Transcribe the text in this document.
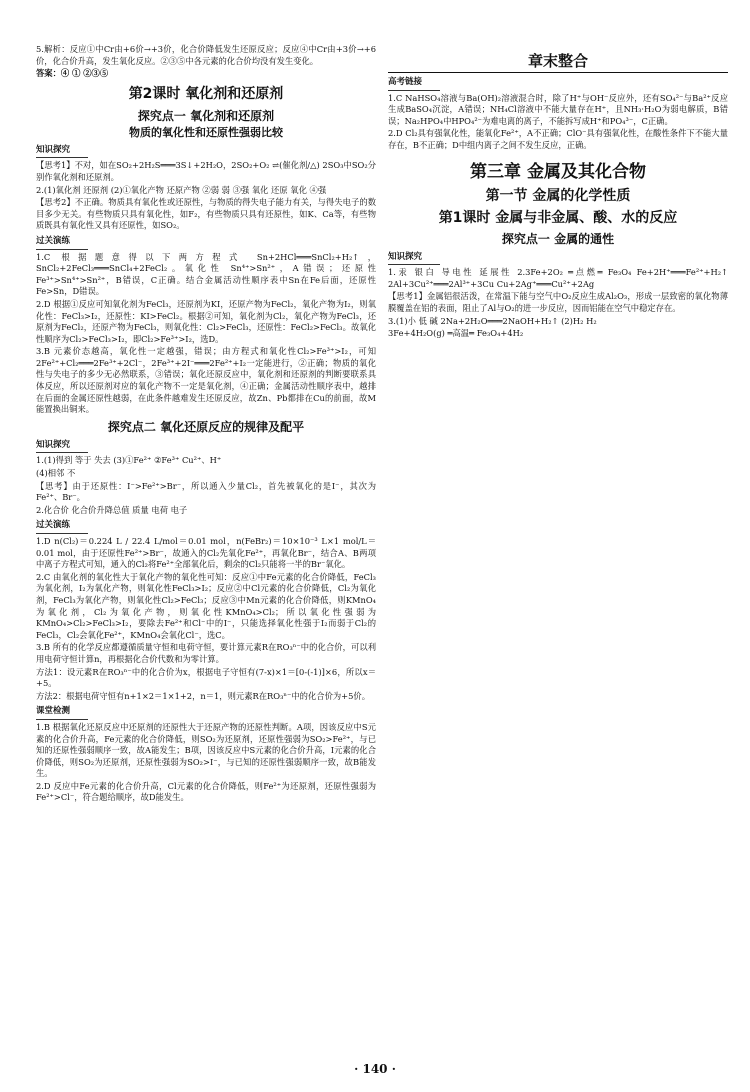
5.解析：反应①中Cr由+6价→+3价，化合价降低发生还原反应；反应④中Cr由+3价→+6价，化合价升高，发生氧化反应。②③⑤中各元素的化合价均没有发生变化。

答案：④ ① ②③⑤

第2课时 氧化剂和还原剂
探究点一 氧化剂和还原剂
物质的氧化性和还原性强弱比较
知识探究

【思考1】不对，如在SO₂+2H₂S═══3S↓+2H₂O，2SO₂+O₂ ⇌(催化剂/△) 2SO₃中SO₂分别作氧化剂和还原剂。

2.(1)氧化剂 还原剂 (2)①氧化产物 还原产物 ②弱 弱 ③强 氧化 还原 氧化 ④强

【思考2】不正确。物质具有氧化性或还原性，与物质的得失电子能力有关，与得失电子的数目多少无关。有些物质只具有氧化性，如F₂，有些物质只具有还原性，如K、Ca等，有些物质既具有氧化性又具有还原性，如SO₂。

过关演练

1.C 根据题意得以下两方程式 Sn+2HCl═══SnCl₂+H₂↑，SnCl₂+2FeCl₃═══SnCl₄+2FeCl₂。氧化性 Sn⁴⁺>Sn²⁺，A错误；还原性 Fe³⁺>Sn⁴⁺>Sn²⁺，B错误，C正确。结合金属活动性顺序表中Sn在Fe后面，还原性Fe>Sn，D错误。

2.D 根据①反应可知氧化剂为FeCl₃，还原剂为KI，还原产物为FeCl₂，氧化产物为I₂，则氧化性：FeCl₃>I₂，还原性：KI>FeCl₂。根据②可知，氧化剂为Cl₂，氧化产物为FeCl₃，还原剂为FeCl₂，还原产物为FeCl₃，则氧化性：Cl₂>FeCl₃，还原性：FeCl₂>FeCl₃。故氧化性顺序为Cl₂>FeCl₃>I₂，即Cl₂>Fe³⁺>I₂，选D。

3.B 元素价态越高，氧化性一定越强，错误；由方程式和氧化性Cl₂>Fe³⁺>I₂，可知2Fe²⁺+Cl₂═══2Fe³⁺+2Cl⁻，2Fe³⁺+2I⁻═══2Fe²⁺+I₂一定能进行，②正确；物质的氧化性与失电子的多少无必然联系，③错误；氧化还原反应中，氧化剂和还原剂的判断要联系具体反应，所以还原剂对应的氧化产物不一定是氧化剂，④正确；金属活动性顺序表中，越排在后面的金属还原性越弱，在此条件越难发生还原反应，故Zn、Pb都排在Cu的前面，故M能置换出铜来。

探究点二 氧化还原反应的规律及配平
知识探究

1.(1)得到 等于 失去 (3)①Fe²⁺ ②Fe³⁺ Cu²⁺、H⁺

(4)相邻 不

【思考】由于还原性：I⁻>Fe²⁺>Br⁻，所以通入少量Cl₂，首先被氧化的是I⁻，其次为Fe²⁺、Br⁻。

2.化合价 化合价升降总值 质量 电荷 电子

过关演练

1.D n(Cl₂)＝0.224 L / 22.4 L/mol＝0.01 mol，n(FeBr₂)＝10×10⁻³ L×1 mol/L＝0.01 mol，由于还原性Fe²⁺>Br⁻，故通入的Cl₂先氧化Fe²⁺，再氧化Br⁻，结合A、B两项中离子方程式可知，通入的Cl₂将Fe²⁺全部氧化后，剩余的Cl₂只能将一半的Br⁻氧化。

2.C 由氧化剂的氧化性大于氧化产物的氧化性可知：反应①中Fe元素的化合价降低，FeCl₃为氧化剂，I₂为氧化产物，则氧化性FeCl₃>I₂；反应②中Cl元素的化合价降低，Cl₂为氧化剂，FeCl₃为氧化产物，则氧化性Cl₂>FeCl₃；反应③中Mn元素的化合价降低，则KMnO₄为氧化剂，Cl₂为氧化产物，则氧化性KMnO₄>Cl₂；所以氧化性强弱为KMnO₄>Cl₂>FeCl₃>I₂，要除去Fe²⁺和Cl⁻中的I⁻，只能选择氧化性强于I₂而弱于Cl₂的FeCl₃，Cl₂会氧化Fe²⁺，KMnO₄会氧化Cl⁻，选C。

3.B 所有的化学反应都遵循质量守恒和电荷守恒，要计算元素R在RO₃ⁿ⁻中的化合价，可以利用电荷守恒计算n，再根据化合价代数和为零计算。

方法1：设元素R在RO₃ⁿ⁻中的化合价为x，根据电子守恒有(7-x)×1＝[0-(-1)]×6，所以x＝+5。

方法2：根据电荷守恒有n+1×2＝1×1+2，n＝1，则元素R在RO₃ⁿ⁻中的化合价为+5价。

课堂检测

1.B 根据氧化还原反应中还原剂的还原性大于还原产物的还原性判断。A项，因该反应中S元素的化合价升高，Fe元素的化合价降低，则SO₂为还原剂，还原性强弱为SO₂>Fe²⁺，与已知的还原性强弱顺序一致，故A能发生；B项，因该反应中S元素的化合价升高，I元素的化合价降低，则SO₂为还原剂，还原性强弱为SO₂>I⁻，与已知的还原性强弱顺序一致，故B能发生。

2.D 反应中Fe元素的化合价升高，Cl元素的化合价降低，则Fe²⁺为还原剂，还原性强弱为Fe²⁺>Cl⁻，符合题给顺序，故D能发生。

章末整合
高考链接

1.C NaHSO₄溶液与Ba(OH)₂溶液混合时，除了H⁺与OH⁻反应外，还有SO₄²⁻与Ba²⁺反应生成BaSO₄沉淀，A错误；NH₄Cl溶液中不能大量存在H⁺，且NH₃·H₂O为弱电解质，B错误；Na₂HPO₄中HPO₄²⁻为难电离的离子，不能拆写成H⁺和PO₄³⁻，C正确。

2.D Cl₂具有强氧化性，能氧化Fe²⁺，A不正确；ClO⁻具有强氧化性，在酸性条件下不能大量存在，B不正确；D中组内离子之间不发生反应，正确。

第三章 金属及其化合物
第一节 金属的化学性质
第1课时 金属与非金属、酸、水的反应
探究点一 金属的通性
知识探究

1.汞 银白 导电性 延展性 2.3Fe+2O₂ ═点燃═ Fe₃O₄ Fe+2H⁺═══Fe²⁺+H₂↑ 2Al+3Cu²⁺═══2Al³⁺+3Cu Cu+2Ag⁺═══Cu²⁺+2Ag

【思考1】金属铝很活泼，在常温下能与空气中O₂反应生成Al₂O₃，形成一层致密的氧化物薄膜覆盖在铝的表面，阻止了Al与O₂的进一步反应，因而铝能在空气中稳定存在。

3.(1)小 低 碱 2Na+2H₂O═══2NaOH+H₂↑ (2)H₂ H₂

3Fe+4H₂O(g) ═高温═ Fe₃O₄+4H₂

· 140 ·
